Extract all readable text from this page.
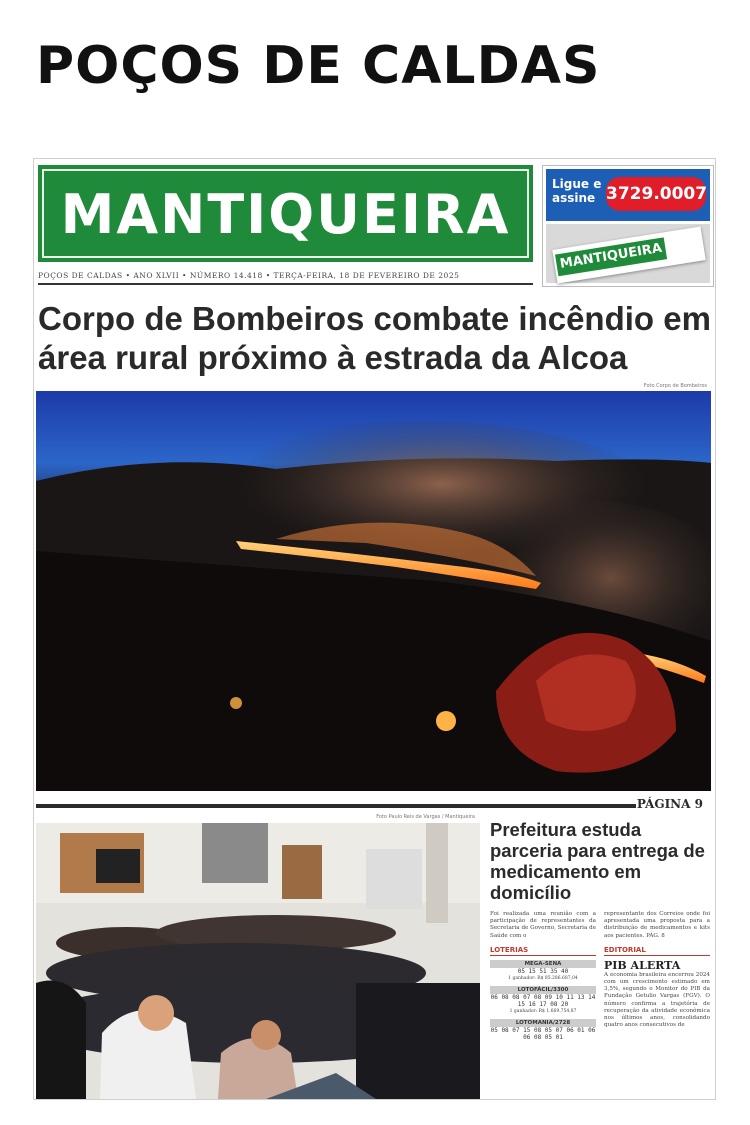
POÇOS DE CALDAS
MANTIQUEIRA
POÇOS DE CALDAS • ANO XLVII • NÚMERO 14.418 • TERÇA-FEIRA, 18 DE FEVEREIRO DE 2025
Ligue e
assine 3729.0007
MANTIQUEIRA
Corpo de Bombeiros combate incêndio em área rural próximo à estrada da Alcoa
Foto Corpo de Bombeiros
PÁGINA 9
Foto Paulo Reis de Vargas / Mantiqueira
Prefeitura estuda parceria para entrega de medicamento em domicílio
Foi realizada uma reunião com a participação de representantes da Secretaria de Governo, Secretaria de Saúde com o
LOTERIAS
MEGA-SENA
05 15 51 35 40
1 ganhador: R$ 85.286.687,04
LOTOFÁCIL/3300
06 08 08 07 08 09 10 11 13 14 15 16 17 08 20
1 ganhador: R$ 1.669.754,87
LOTOMANIA/2728
05 08 07 15 08 05 07 06 01 06 06 08 05 01
representante dos Correios onde foi apresentada uma proposta para a distribuição de medicamentos e kits aos pacientes. PÁG. 8
EDITORIAL
PIB ALERTA
A economia brasileira encerrou 2024 com um crescimento estimado em 3,5%, segundo o Monitor do PIB da Fundação Getulio Vargas (FGV). O número confirma a trajetória de recuperação da atividade econômica nos últimos anos, consolidando quatro anos consecutivos de
